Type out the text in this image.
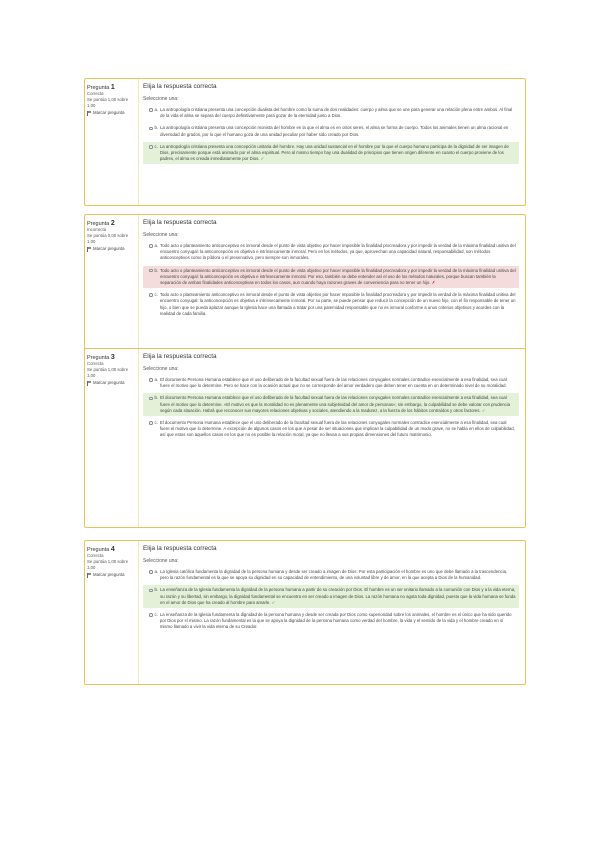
Pregunta 1
Correcta
Se puntúa 1,00 sobre 1,00
Marcar pregunta
Elija la respuesta correcta
Seleccione una:
a. La antropología cristiana presenta una concepción dualista del hombre como la suma de dos realidades: cuerpo y alma que se une para generar una relación plena entre ambos. Al final de la vida el alma se separa del cuerpo definitivamente para gozar de la eternidad junto a Dios.
b. La antropología cristiana presenta una concepción monista del hombre en la que el alma es en otros seres, el alma se forma de cuerpo. Todos los animales tienen un alma racional en diversidad de grados, por lo que el humano goza de una unidad peculiar por haber sido creado por Dios.
c. La antropología cristiana presenta una concepción unitaria del hombre. Hay una unidad sustancial en el hombre por la que el cuerpo humano participa de la dignidad de ser imagen de Dios, precisamente porque está animado por el alma espiritual. Pero al mismo tiempo hay una dualidad de principios que tienen origen diferente en cuanto el cuerpo proviene de los padres, el alma es creada inmediatamente por Dios. ✓
Pregunta 2
Incorrecta
Se puntúa 0,00 sobre 1,00
Marcar pregunta
Elija la respuesta correcta
Seleccione una:
a. Todo acto o planteamiento anticonceptivo es inmoral desde el punto de vista objetivo por hacer imposible la finalidad procreadora y por impedir la verdad de la máxima finalidad unitiva del encuentro conyugal: la anticoncepción es objetiva e intrínsecamente inmoral. Pero en los métodos, ya que, aprovechan una capacidad natural, responsabilidad, son métodos anticonceptivos como la píldora o el preservativo, pero siempre son inmorales.
b. Todo acto o planteamiento anticonceptivo es inmoral desde el punto de vista objetivo por hacer imposible la finalidad procreadora y por impedir la verdad de la máxima finalidad unitiva del encuentro conyugal: la anticoncepción es objetiva e intrínsecamente inmoral. Por eso, también se debe entender así el uso de los métodos naturales, porque buscan también la separación de ambas finalidades anticonceptivas en todos los casos, aun cuando haya razones graves de conveniencia para no tener un hijo. ✗
c. Todo acto o planteamiento anticonceptivo es inmoral desde el punto de vista objetivo por hacer imposible la finalidad procreadora y por impedir la verdad de la máxima finalidad unitiva del encuentro conyugal: la anticoncepción es objetiva e intrínsecamente inmoral. Por su parte, se puede pensar que reducir la concepción de un nuevo hijo, con el fin responsable de tener un hijo, o bien que se pueda aplazar aunque la Iglesia hace una llamada a tratar por una paternidad responsable que no es inmoral conforme a unos criterios objetivos y acordes con la realidad de cada familia.
Pregunta 3
Correcta
Se puntúa 1,00 sobre 1,00
Marcar pregunta
Elija la respuesta correcta
Seleccione una:
a. El documento Persona Humana establece que el uso deliberado de la facultad sexual fuera de las relaciones conyugales normales contradice esencialmente a esa finalidad, sea cual fuere el motivo que lo determine. Pero se hace con la ocasión actual que no se corresponde del amor verdadero que deben tener en cuenta en un determinado nivel de su moralidad.
b. El documento Persona Humana establece que el uso deliberado de la facultad sexual fuera de las relaciones conyugales normales contradice esencialmente a esa finalidad, sea cual fuere el motivo que lo determine. «El motivo es que la moralidad no es plenamente una subjetividad del amor de personas»; sin embargo, la culpabilidad se debe valorar con prudencia según cada situación. Habrá que reconocer sus mayores relaciones objetivas y sociales, atendiendo a la madurez, a la fuerza de los hábitos contraídos y otros factores. ✓
c. El documento Persona Humana establece que el uso deliberado de la facultad sexual fuera de las relaciones conyugales normales contradice esencialmente a esa finalidad, sea cual fuere el motivo que lo determine. A excepción de algunos casos en los que a pesar de ser situaciones que implican la culpabilidad de un modo grave, no se habla en ellos de culpabilidad, así que estos son aquellos casos en los que no es posible la relación moral, ya que no llevan a sus propias dimensiones del futuro matrimonio.
Pregunta 4
Correcta
Se puntúa 1,00 sobre 1,00
Marcar pregunta
Elija la respuesta correcta
Seleccione una:
a. La Iglesia católica fundamenta la dignidad de la persona humana y desde ser creado a imagen de Dios. Por esta participación el hombre es uno que debe llamado a la trascendencia, pero la razón fundamental es la que se apoya su dignidad en su capacidad de entendimiento, de una voluntad libre y de amor, en la que acepta a Dios de la humanidad.
b. La enseñanza de la Iglesia fundamenta la dignidad de la persona humana a partir de su creación por Dios. El hombre es un ser unitario llamado a la comunión con Dios y a la vida eterna, su razón y su libertad, sin embargo, la dignidad fundamental se encuentra en ser creado a imagen de Dios. La razón humana no agota toda dignidad, puesto que la vida humana se funda en el amor de Dios que ha creado al hombre para amarle. ✓
c. La enseñanza de la Iglesia fundamenta la dignidad de la persona humana y desde ser creada por Dios como superioridad sobre los animales, el hombre es el único que ha sido querido por Dios por sí mismo. La razón fundamental es la que se apoya la dignidad de la persona humana como verdad del hombre, la vida y el sentido de la vida y el hombre creado en sí mismo llamado a vivir la vida eterna de su Creador.
